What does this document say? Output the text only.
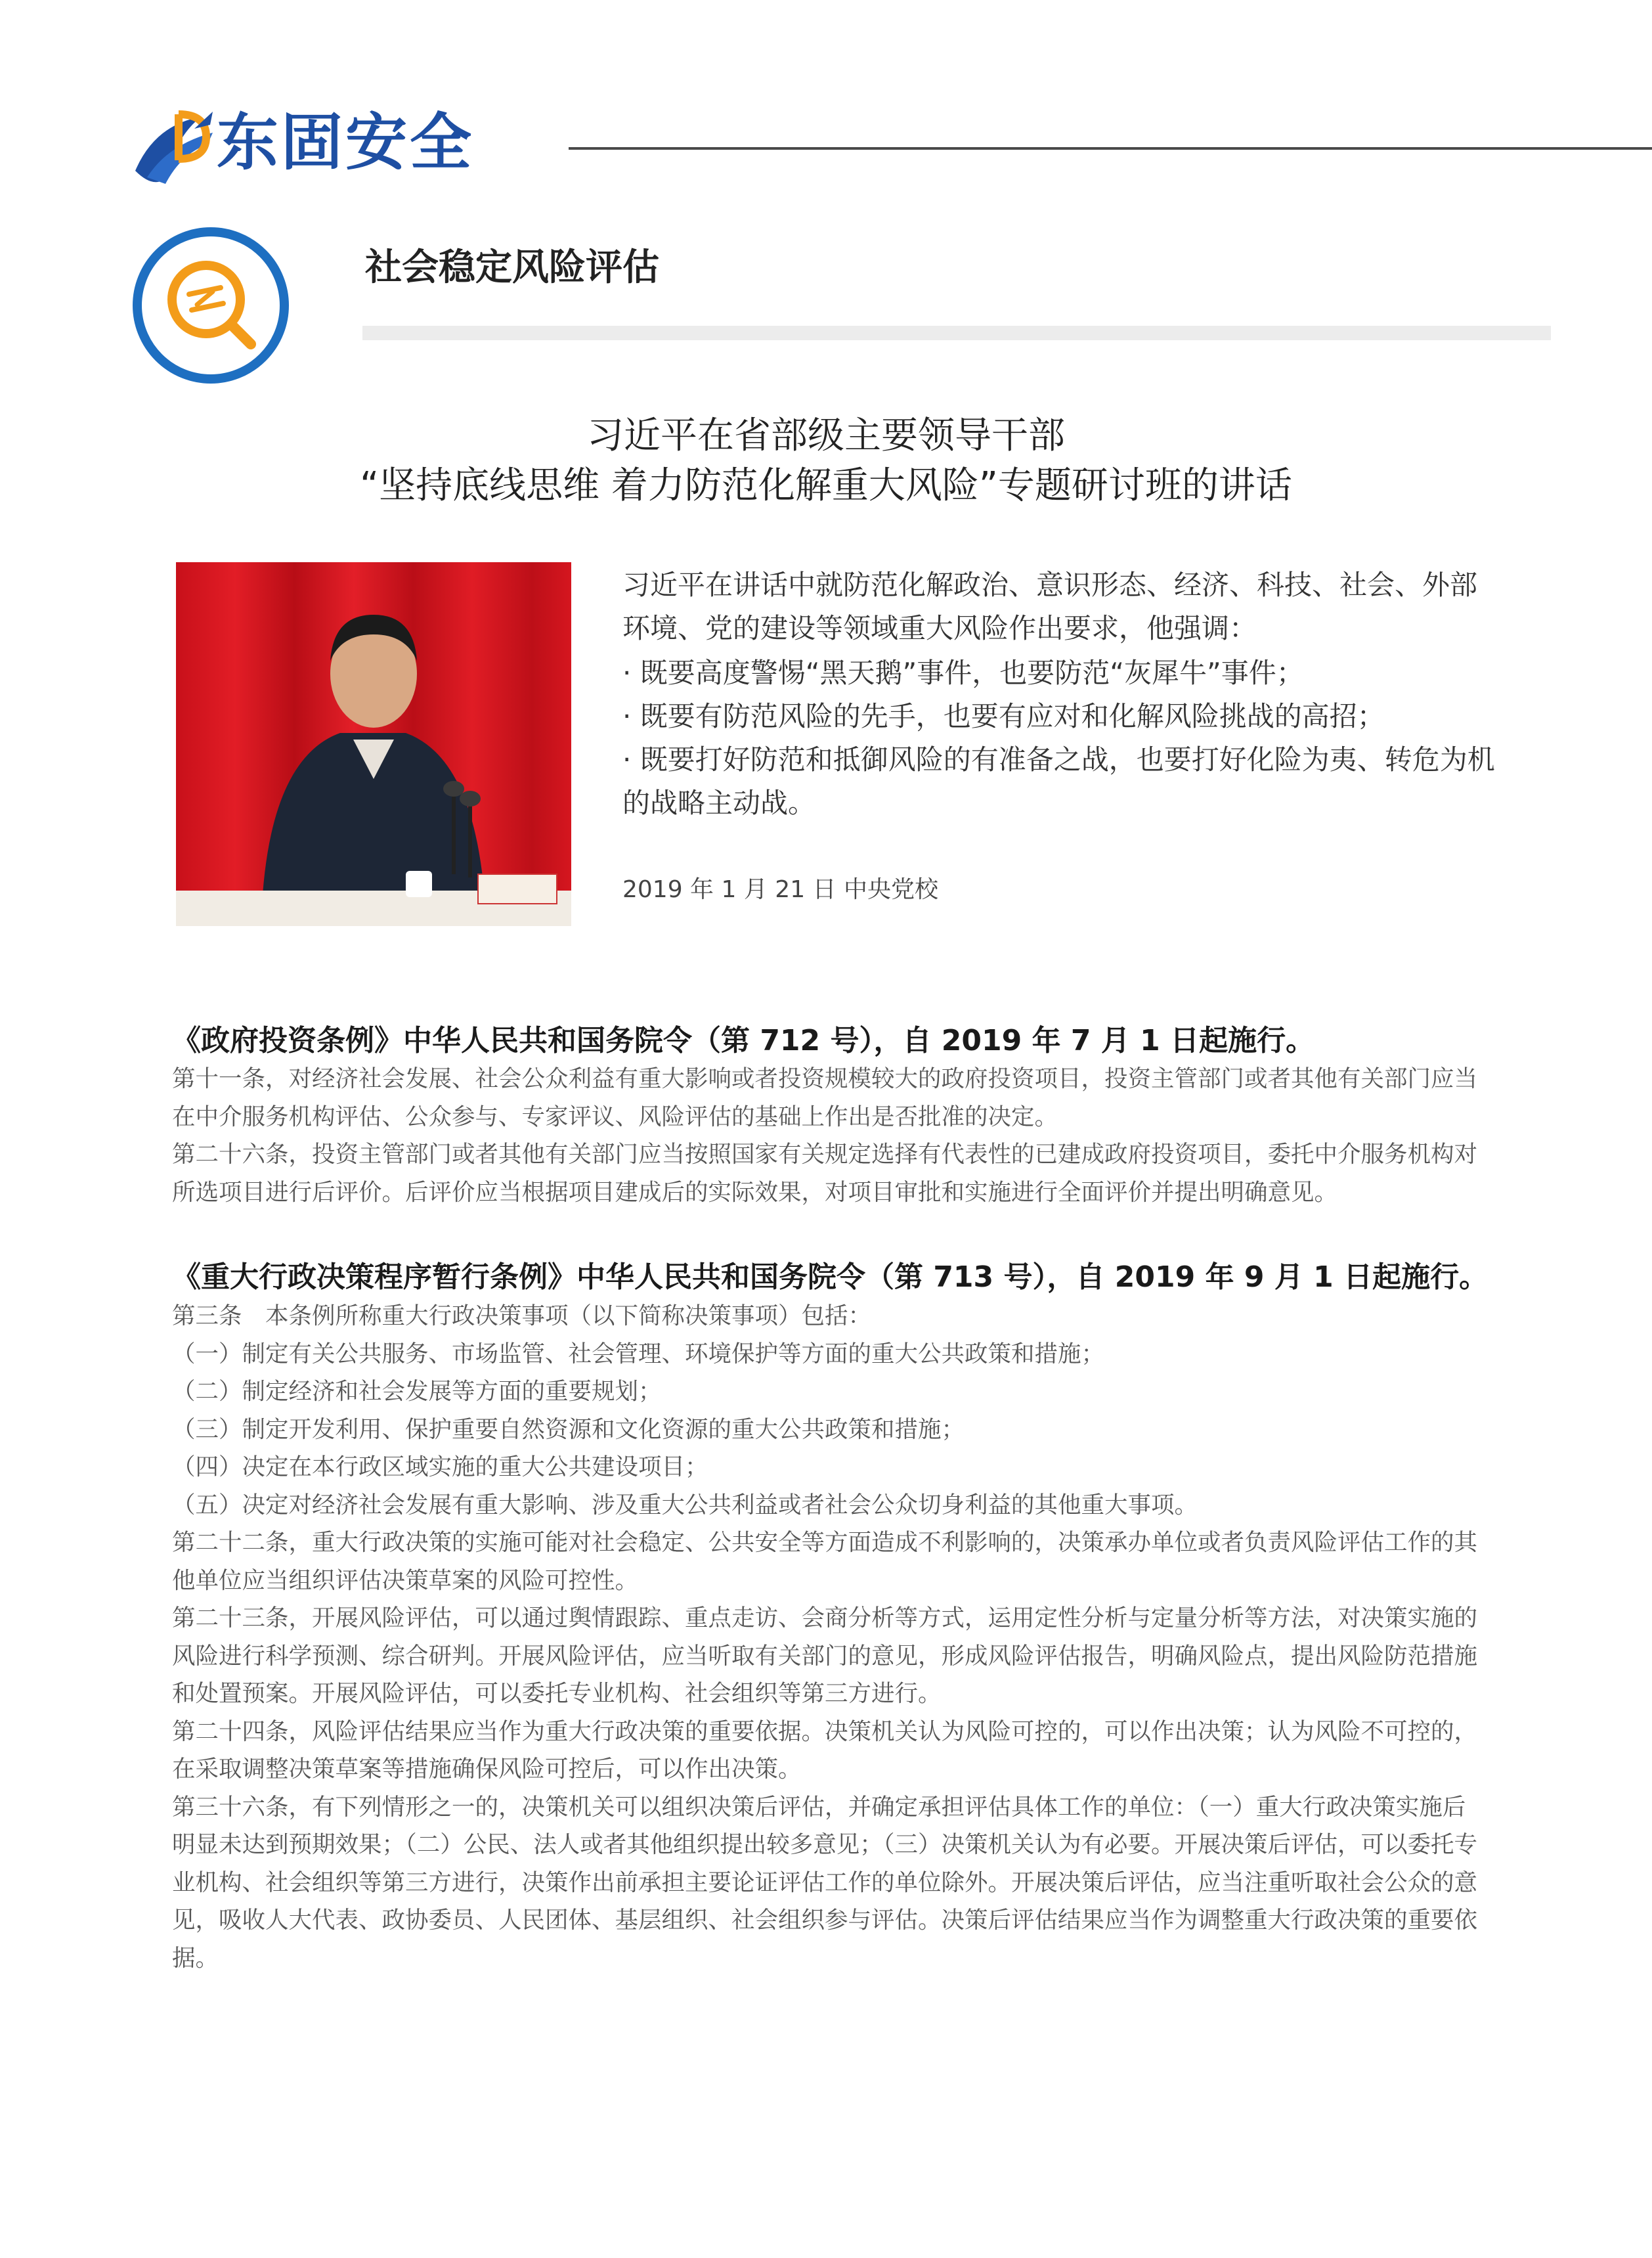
东固安全
社会稳定风险评估
习近平在省部级主要领导干部
“坚持底线思维 着力防范化解重大风险”专题研讨班的讲话
习近平在讲话中就防范化解政治、意识形态、经济、科技、社会、外部环境、党的建设等领域重大风险作出要求，他强调：
· 既要高度警惕“黑天鹅”事件，也要防范“灰犀牛”事件；
· 既要有防范风险的先手，也要有应对和化解风险挑战的高招；
· 既要打好防范和抵御风险的有准备之战，也要打好化险为夷、转危为机的战略主动战。
2019 年 1 月 21 日 中央党校
《政府投资条例》中华人民共和国务院令（第 712 号），自 2019 年 7 月 1 日起施行。

第十一条，对经济社会发展、社会公众利益有重大影响或者投资规模较大的政府投资项目，投资主管部门或者其他有关部门应当在中介服务机构评估、公众参与、专家评议、风险评估的基础上作出是否批准的决定。

第二十六条，投资主管部门或者其他有关部门应当按照国家有关规定选择有代表性的已建成政府投资项目，委托中介服务机构对所选项目进行后评价。后评价应当根据项目建成后的实际效果，对项目审批和实施进行全面评价并提出明确意见。

《重大行政决策程序暂行条例》中华人民共和国务院令（第 713 号），自 2019 年 9 月 1 日起施行。

第三条　本条例所称重大行政决策事项（以下简称决策事项）包括：

（一）制定有关公共服务、市场监管、社会管理、环境保护等方面的重大公共政策和措施；

（二）制定经济和社会发展等方面的重要规划；

（三）制定开发利用、保护重要自然资源和文化资源的重大公共政策和措施；

（四）决定在本行政区域实施的重大公共建设项目；

（五）决定对经济社会发展有重大影响、涉及重大公共利益或者社会公众切身利益的其他重大事项。

第二十二条，重大行政决策的实施可能对社会稳定、公共安全等方面造成不利影响的，决策承办单位或者负责风险评估工作的其他单位应当组织评估决策草案的风险可控性。

第二十三条，开展风险评估，可以通过舆情跟踪、重点走访、会商分析等方式，运用定性分析与定量分析等方法，对决策实施的风险进行科学预测、综合研判。开展风险评估，应当听取有关部门的意见，形成风险评估报告，明确风险点，提出风险防范措施和处置预案。开展风险评估，可以委托专业机构、社会组织等第三方进行。

第二十四条，风险评估结果应当作为重大行政决策的重要依据。决策机关认为风险可控的，可以作出决策；认为风险不可控的，在采取调整决策草案等措施确保风险可控后，可以作出决策。

第三十六条，有下列情形之一的，决策机关可以组织决策后评估，并确定承担评估具体工作的单位：（一）重大行政决策实施后明显未达到预期效果；（二）公民、法人或者其他组织提出较多意见；（三）决策机关认为有必要。开展决策后评估，可以委托专业机构、社会组织等第三方进行，决策作出前承担主要论证评估工作的单位除外。开展决策后评估，应当注重听取社会公众的意见，吸收人大代表、政协委员、人民团体、基层组织、社会组织参与评估。决策后评估结果应当作为调整重大行政决策的重要依据。
